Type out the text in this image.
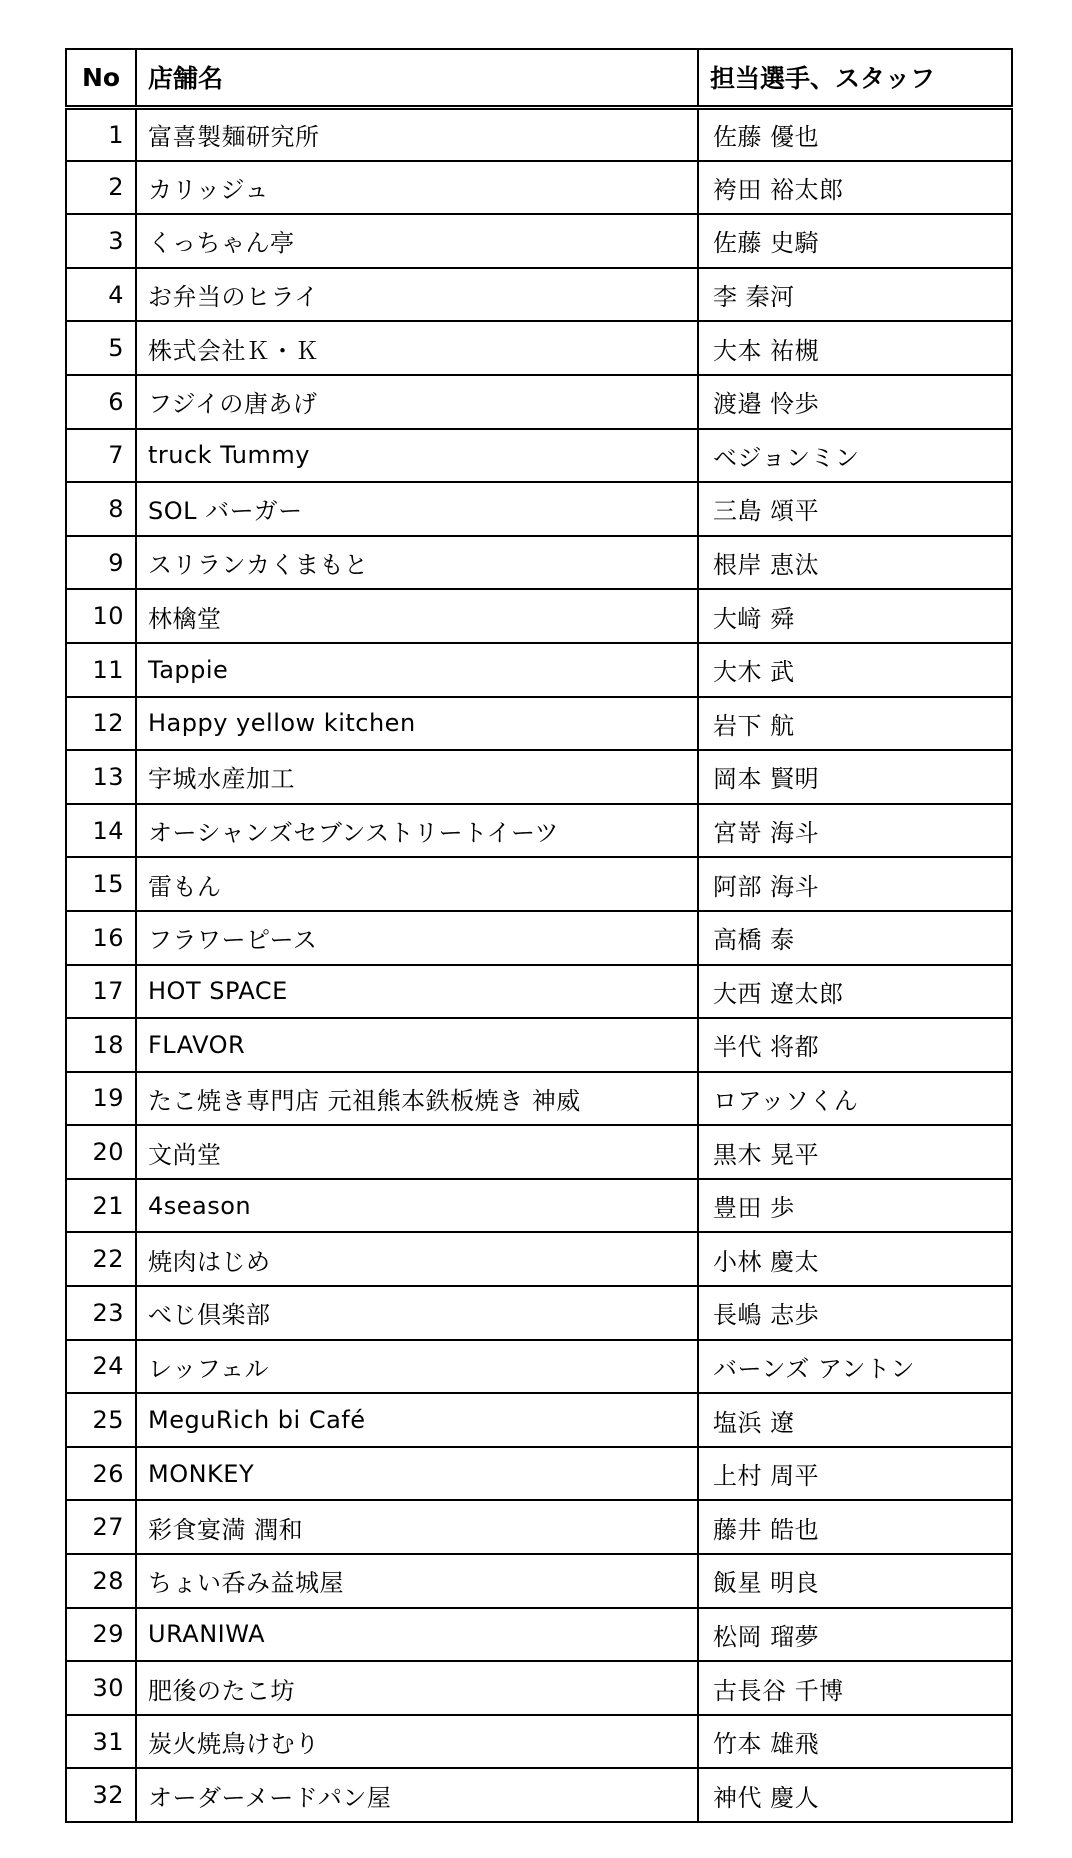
No	店舗名	担当選手、スタッフ
1	富喜製麺研究所	佐藤 優也
2	カリッジュ	袴田 裕太郎
3	くっちゃん亭	佐藤 史騎
4	お弁当のヒライ	李 秦河
5	株式会社Ｋ・Ｋ	大本 祐槻
6	フジイの唐あげ	渡邉 怜歩
7	truck Tummy	ベジョンミン
8	SOL バーガー	三島 頌平
9	スリランカくまもと	根岸 恵汰
10	林檎堂	大﨑 舜
11	Tappie	大木 武
12	Happy yellow kitchen	岩下 航
13	宇城水産加工	岡本 賢明
14	オーシャンズセブンストリートイーツ	宮嵜 海斗
15	雷もん	阿部 海斗
16	フラワーピース	高橋 泰
17	HOT SPACE	大西 遼太郎
18	FLAVOR	半代 将都
19	たこ焼き専門店 元祖熊本鉄板焼き 神威	ロアッソくん
20	文尚堂	黒木 晃平
21	4season	豊田 歩
22	焼肉はじめ	小林 慶太
23	べじ倶楽部	長嶋 志歩
24	レッフェル	バーンズ アントン
25	MeguRich bi Café	塩浜 遼
26	MONKEY	上村 周平
27	彩食宴満 潤和	藤井 皓也
28	ちょい呑み益城屋	飯星 明良
29	URANIWA	松岡 瑠夢
30	肥後のたこ坊	古長谷 千博
31	炭火焼鳥けむり	竹本 雄飛
32	オーダーメードパン屋	神代 慶人
